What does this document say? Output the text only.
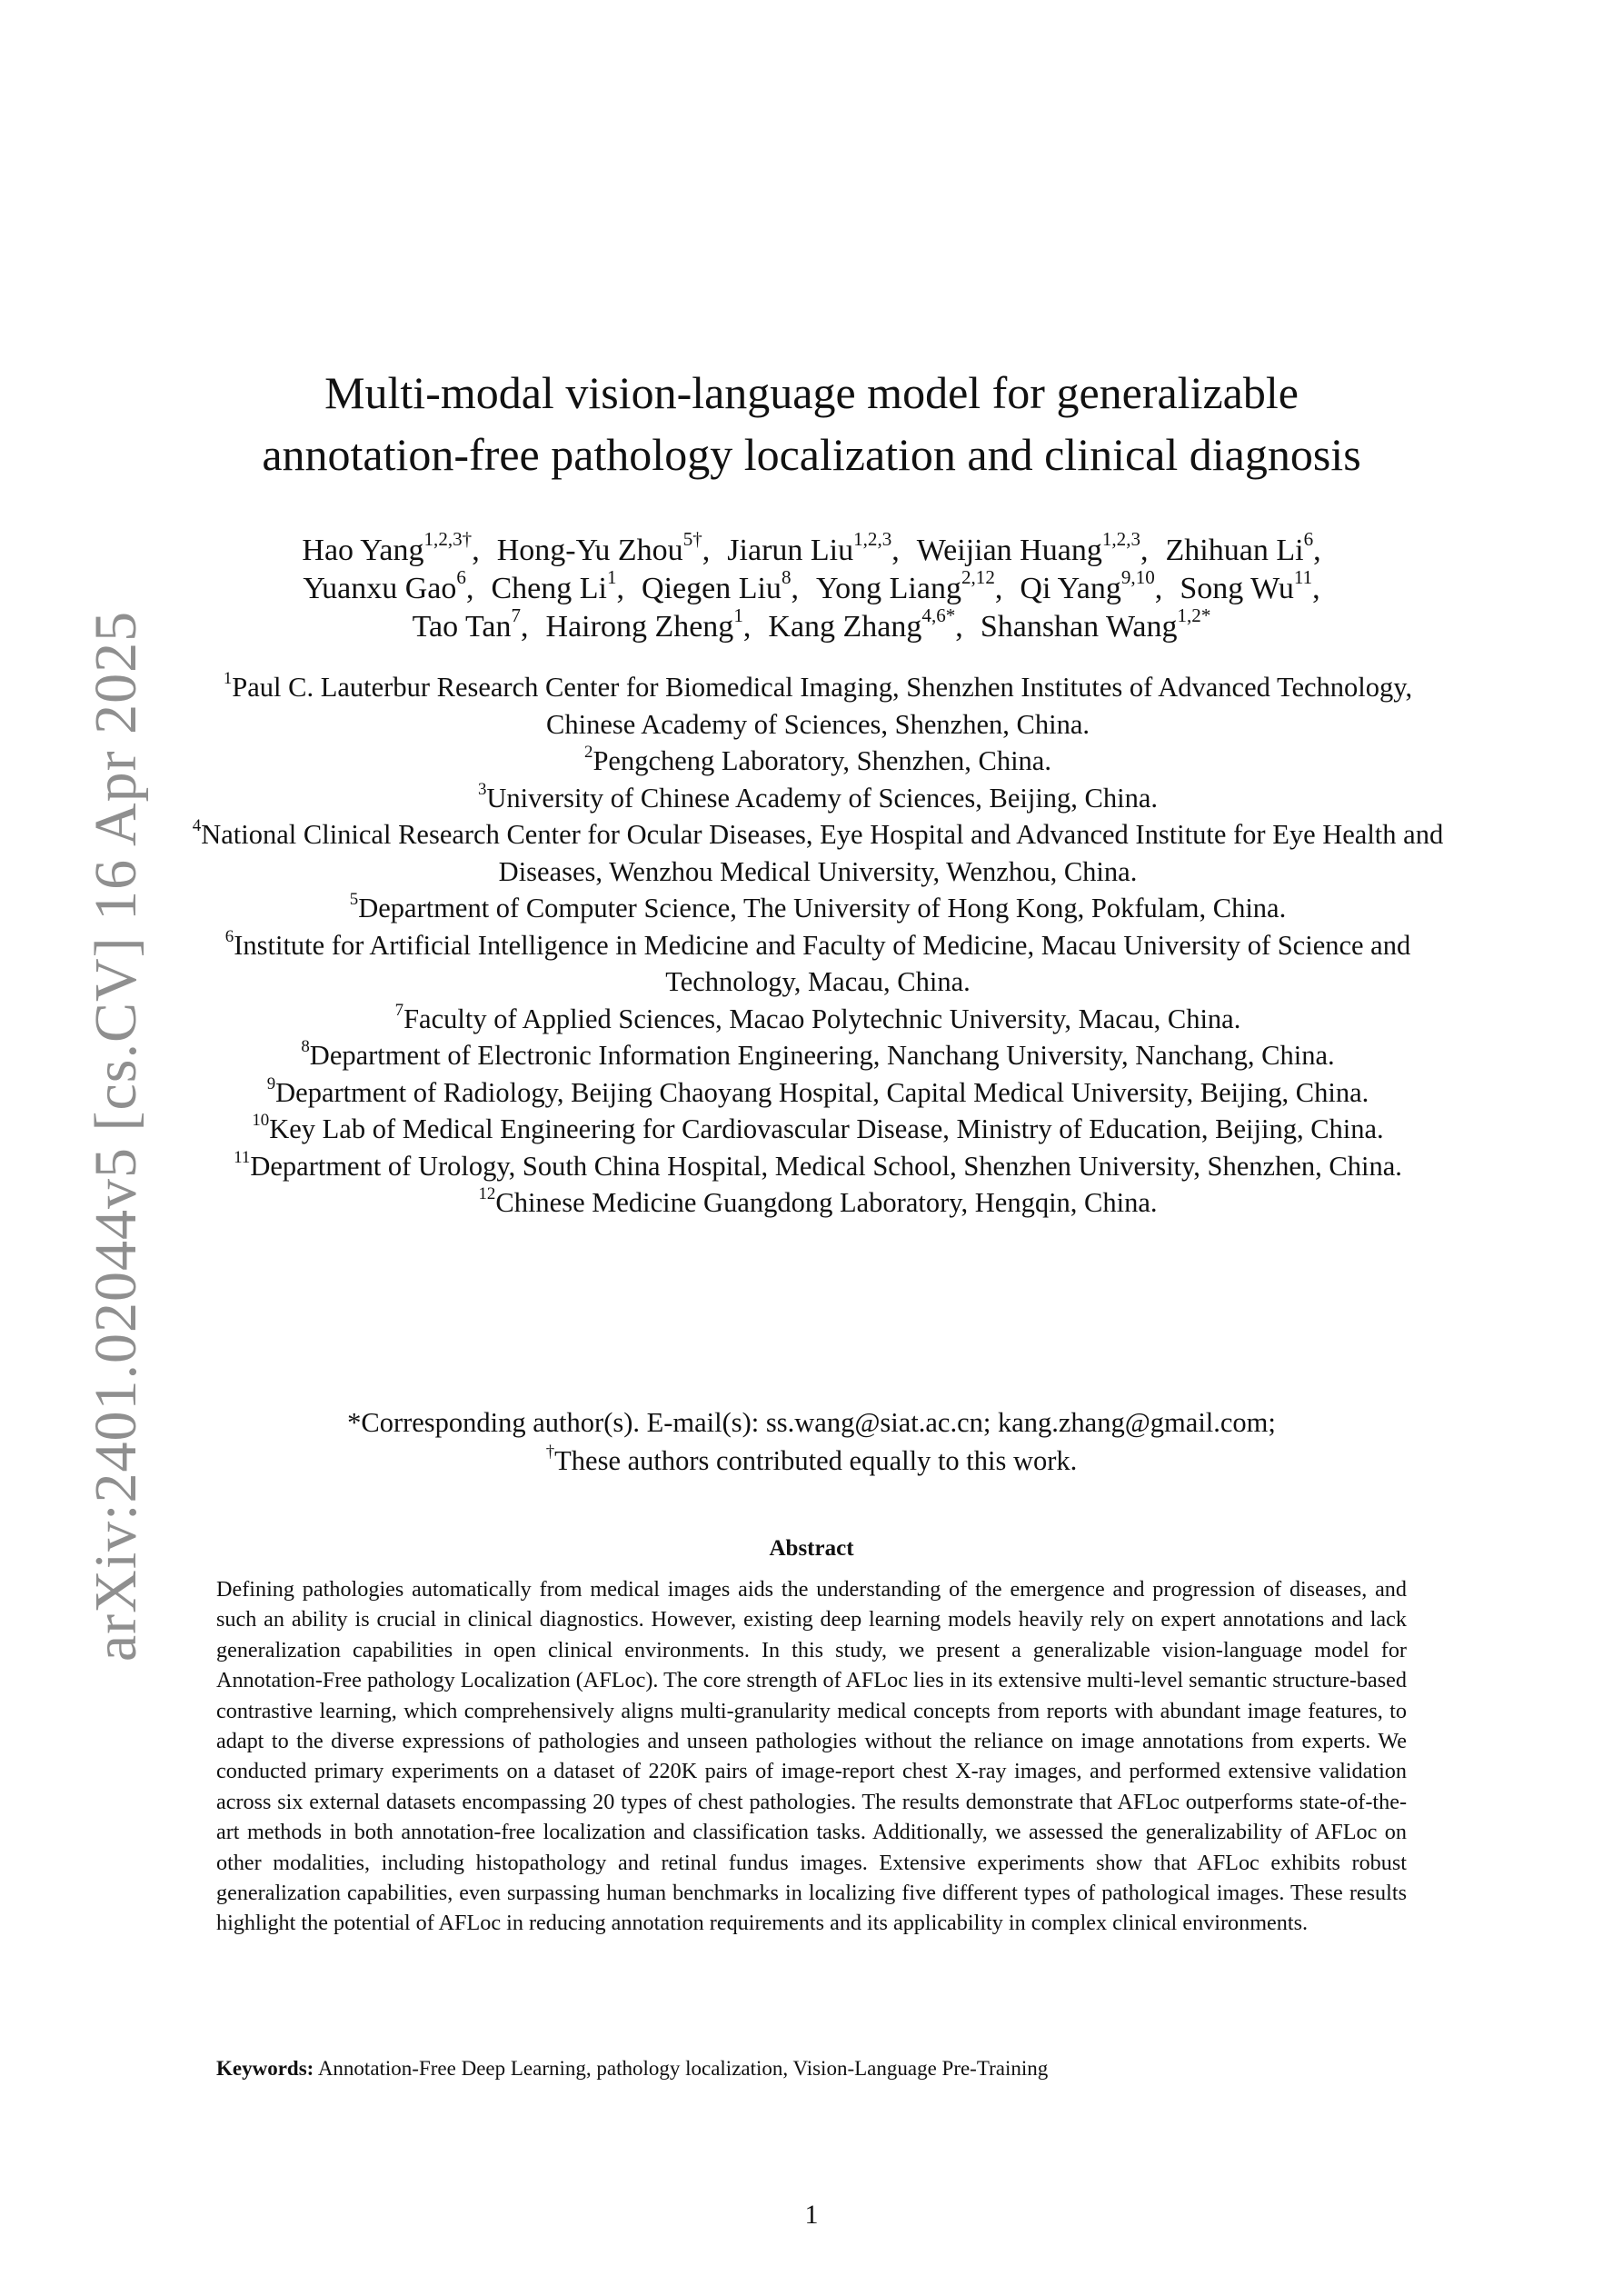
arXiv:2401.02044v5 [cs.CV] 16 Apr 2025
Multi-modal vision-language model for generalizable
annotation-free pathology localization and clinical diagnosis
Hao Yang$^{1,2,3\dagger}$, Hong-Yu Zhou$^{5\dagger}$, Jiarun Liu$^{1,2,3}$, Weijian Huang$^{1,2,3}$, Zhihuan Li$^6$,
Yuanxu Gao$^6$, Cheng Li$^1$, Qiegen Liu$^8$, Yong Liang$^{2,12}$, Qi Yang$^{9,10}$, Song Wu$^{11}$,
Tao Tan$^7$, Hairong Zheng$^1$, Kang Zhang$^{4,6*}$, Shanshan Wang$^{1,2*}$
$^1$Paul C. Lauterbur Research Center for Biomedical Imaging, Shenzhen Institutes of Advanced Technology, Chinese Academy of Sciences, Shenzhen, China.
$^2$Pengcheng Laboratory, Shenzhen, China.
$^3$University of Chinese Academy of Sciences, Beijing, China.
$^4$National Clinical Research Center for Ocular Diseases, Eye Hospital and Advanced Institute for Eye Health and Diseases, Wenzhou Medical University, Wenzhou, China.
$^5$Department of Computer Science, The University of Hong Kong, Pokfulam, China.
$^6$Institute for Artificial Intelligence in Medicine and Faculty of Medicine, Macau University of Science and Technology, Macau, China.
$^7$Faculty of Applied Sciences, Macao Polytechnic University, Macau, China.
$^8$Department of Electronic Information Engineering, Nanchang University, Nanchang, China.
$^9$Department of Radiology, Beijing Chaoyang Hospital, Capital Medical University, Beijing, China.
$^{10}$Key Lab of Medical Engineering for Cardiovascular Disease, Ministry of Education, Beijing, China.
$^{11}$Department of Urology, South China Hospital, Medical School, Shenzhen University, Shenzhen, China.
$^{12}$Chinese Medicine Guangdong Laboratory, Hengqin, China.
*Corresponding author(s). E-mail(s): ss.wang@siat.ac.cn; kang.zhang@gmail.com;
†These authors contributed equally to this work.
Abstract
Defining pathologies automatically from medical images aids the understanding of the emergence and progression of diseases, and such an ability is crucial in clinical diagnostics. However, existing deep learning models heavily rely on expert annotations and lack generalization capabilities in open clinical environments. In this study, we present a generalizable vision-language model for Annotation-Free pathology Localization (AFLoc). The core strength of AFLoc lies in its extensive multi-level semantic structure-based contrastive learning, which comprehensively aligns multi-granularity medical concepts from reports with abundant image features, to adapt to the diverse expressions of pathologies and unseen pathologies without the reliance on image annotations from experts. We conducted primary experiments on a dataset of 220K pairs of image-report chest X-ray images, and performed extensive validation across six external datasets encompassing 20 types of chest pathologies. The results demonstrate that AFLoc outperforms state-of-the-art methods in both annotation-free localization and classification tasks. Additionally, we assessed the generalizability of AFLoc on other modalities, including histopathology and retinal fundus images. Extensive experiments show that AFLoc exhibits robust generalization capabilities, even surpassing human benchmarks in localizing five different types of pathological images. These results highlight the potential of AFLoc in reducing annotation requirements and its applicability in complex clinical environments.
Keywords: Annotation-Free Deep Learning, pathology localization, Vision-Language Pre-Training
1
